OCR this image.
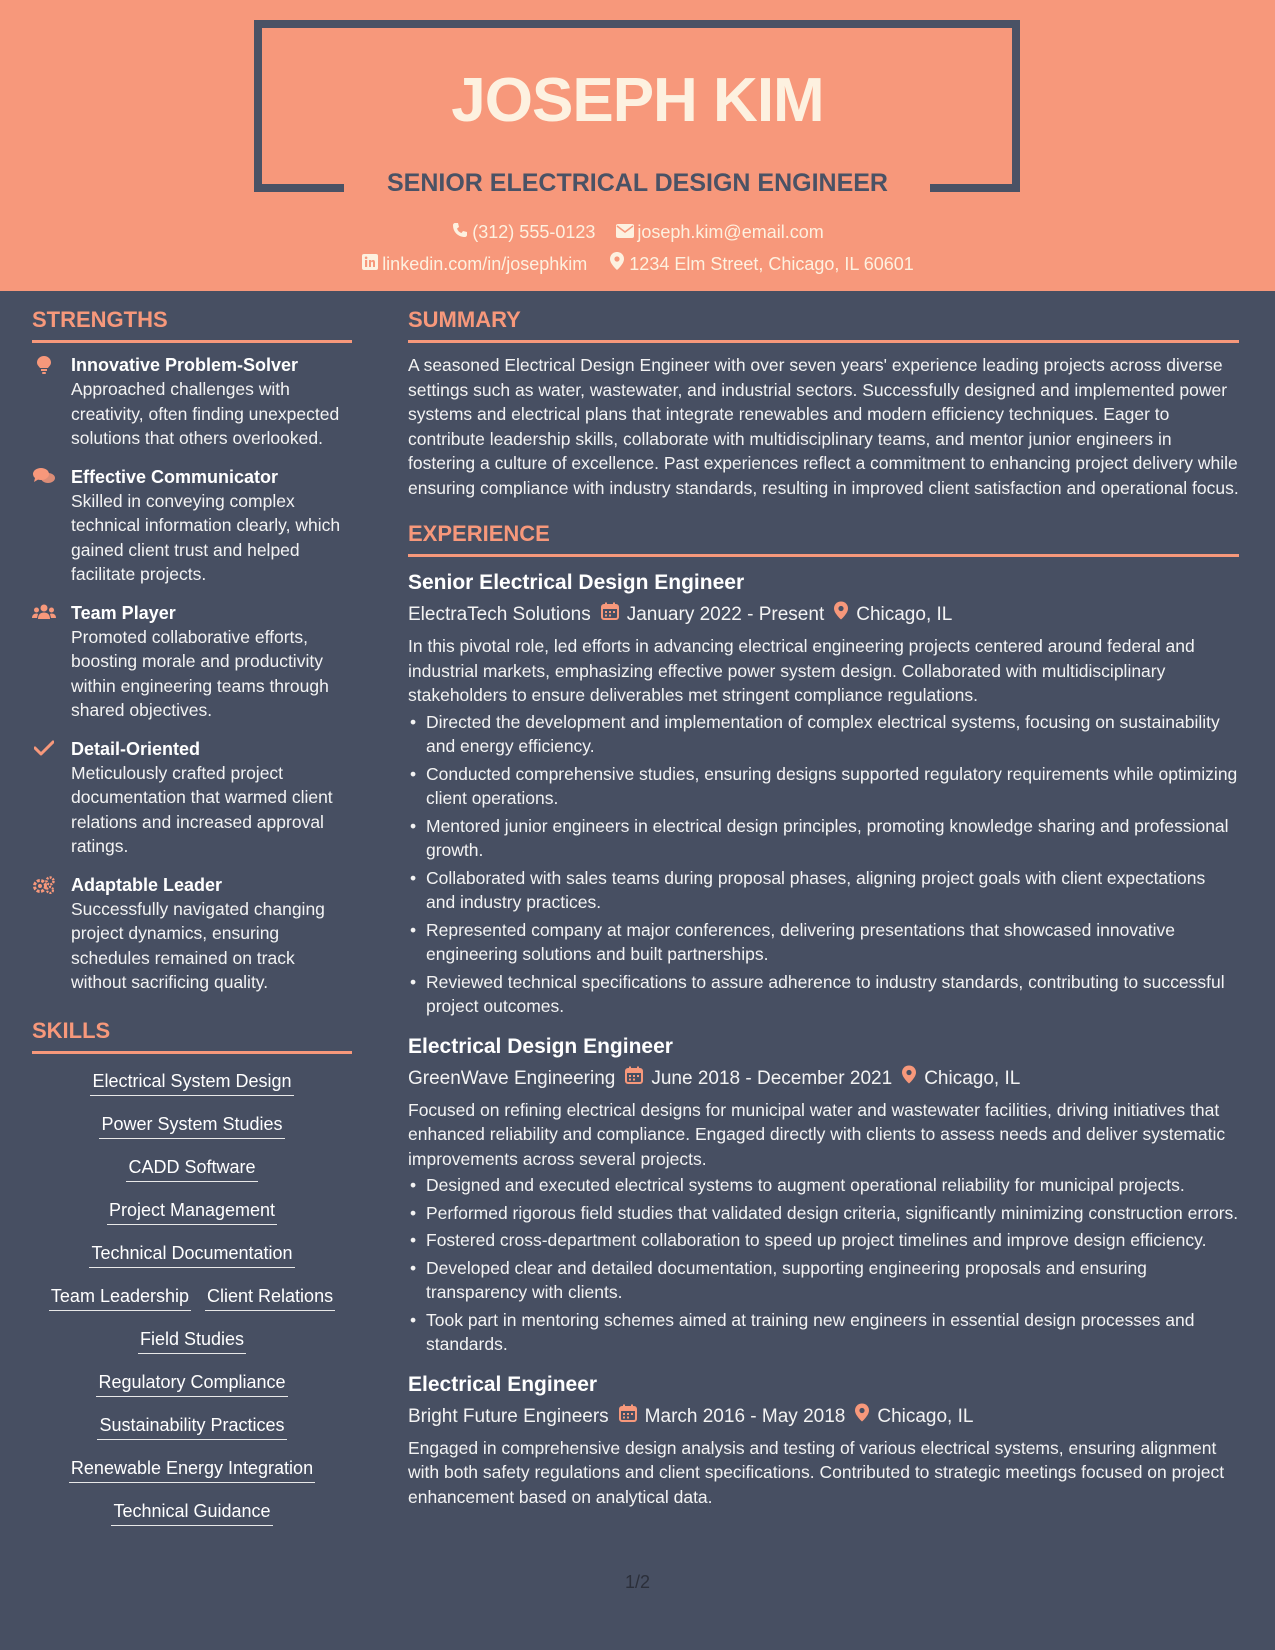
JOSEPH KIM
SENIOR ELECTRICAL DESIGN ENGINEER
(312) 555-0123 joseph.kim@email.com
linkedin.com/in/josephkim 1234 Elm Street, Chicago, IL 60601
STRENGTHS
Innovative Problem-Solver
Approached challenges with creativity, often finding unexpected solutions that others overlooked.
Effective Communicator
Skilled in conveying complex technical information clearly, which gained client trust and helped facilitate projects.
Team Player
Promoted collaborative efforts, boosting morale and productivity within engineering teams through shared objectives.
Detail-Oriented
Meticulously crafted project documentation that warmed client relations and increased approval ratings.
Adaptable Leader
Successfully navigated changing project dynamics, ensuring schedules remained on track without sacrificing quality.
SKILLS
Electrical System Design
Power System Studies
CADD Software
Project Management
Technical Documentation
Team Leadership Client Relations
Field Studies
Regulatory Compliance
Sustainability Practices
Renewable Energy Integration
Technical Guidance
SUMMARY
A seasoned Electrical Design Engineer with over seven years' experience leading projects across diverse settings such as water, wastewater, and industrial sectors. Successfully designed and implemented power systems and electrical plans that integrate renewables and modern efficiency techniques. Eager to contribute leadership skills, collaborate with multidisciplinary teams, and mentor junior engineers in fostering a culture of excellence. Past experiences reflect a commitment to enhancing project delivery while ensuring compliance with industry standards, resulting in improved client satisfaction and operational focus.
EXPERIENCE
Senior Electrical Design Engineer
ElectraTech Solutions January 2022 - Present Chicago, IL
In this pivotal role, led efforts in advancing electrical engineering projects centered around federal and industrial markets, emphasizing effective power system design. Collaborated with multidisciplinary stakeholders to ensure deliverables met stringent compliance regulations.
• Directed the development and implementation of complex electrical systems, focusing on sustainability and energy efficiency.
• Conducted comprehensive studies, ensuring designs supported regulatory requirements while optimizing client operations.
• Mentored junior engineers in electrical design principles, promoting knowledge sharing and professional growth.
• Collaborated with sales teams during proposal phases, aligning project goals with client expectations and industry practices.
• Represented company at major conferences, delivering presentations that showcased innovative engineering solutions and built partnerships.
• Reviewed technical specifications to assure adherence to industry standards, contributing to successful project outcomes.
Electrical Design Engineer
GreenWave Engineering June 2018 - December 2021 Chicago, IL
Focused on refining electrical designs for municipal water and wastewater facilities, driving initiatives that enhanced reliability and compliance. Engaged directly with clients to assess needs and deliver systematic improvements across several projects.
• Designed and executed electrical systems to augment operational reliability for municipal projects.
• Performed rigorous field studies that validated design criteria, significantly minimizing construction errors.
• Fostered cross-department collaboration to speed up project timelines and improve design efficiency.
• Developed clear and detailed documentation, supporting engineering proposals and ensuring transparency with clients.
• Took part in mentoring schemes aimed at training new engineers in essential design processes and standards.
Electrical Engineer
Bright Future Engineers March 2016 - May 2018 Chicago, IL
Engaged in comprehensive design analysis and testing of various electrical systems, ensuring alignment with both safety regulations and client specifications. Contributed to strategic meetings focused on project enhancement based on analytical data.
1/2
